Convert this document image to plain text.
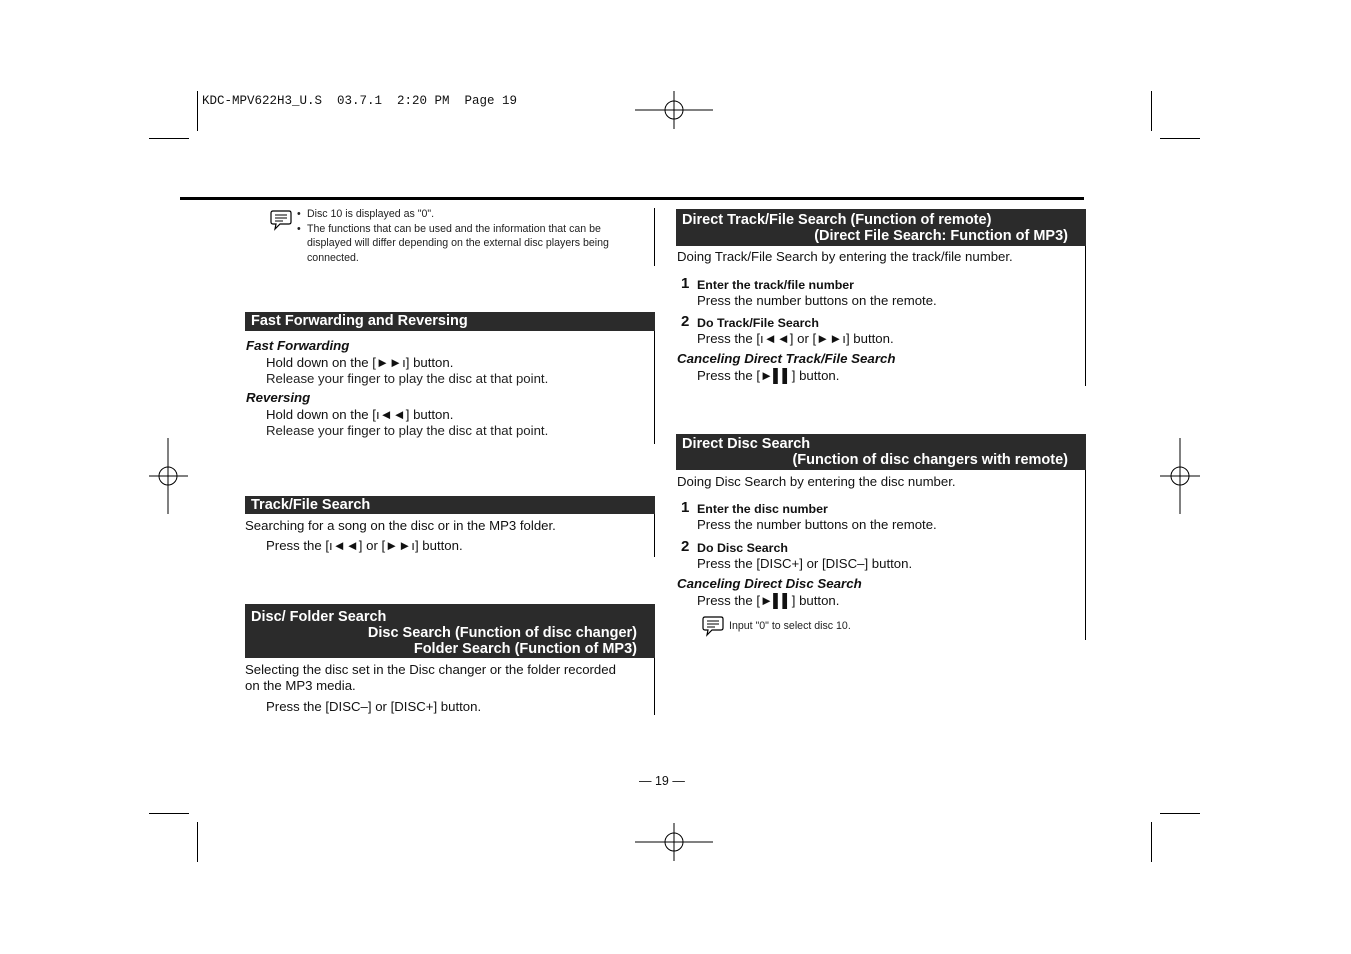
KDC-MPV622H3_U.S  03.7.1  2:20 PM  Page 19
• Disc 10 is displayed as "0".
• The functions that can be used and the information that can be
displayed will differ depending on the external disc players being
connected.
Fast Forwarding and Reversing
Fast Forwarding
Hold down on the [►►ı] button.
Release your finger to play the disc at that point.
Reversing
Hold down on the [ı◄◄] button.
Release your finger to play the disc at that point.
Track/File Search
Searching for a song on the disc or in the MP3 folder.
Press the [ı◄◄] or [►►ı] button.
Disc/ Folder Search
Disc Search (Function of disc changer)
Folder Search (Function of MP3)
Selecting the disc set in the Disc changer or the folder recorded
on the MP3 media.
Press the [DISC–] or [DISC+] button.
Direct Track/File Search (Function of remote)
(Direct File Search: Function of MP3)
Doing Track/File Search by entering the track/file number.
1 Enter the track/file number
Press the number buttons on the remote.
2 Do Track/File Search
Press the [ı◄◄] or [►►ı] button.
Canceling Direct Track/File Search
Press the [►▌▌] button.
Direct Disc Search
(Function of disc changers with remote)
Doing Disc Search by entering the disc number.
1 Enter the disc number
Press the number buttons on the remote.
2 Do Disc Search
Press the [DISC+] or [DISC–] button.
Canceling Direct Disc Search
Press the [►▌▌] button.
Input "0" to select disc 10.
— 19 —
